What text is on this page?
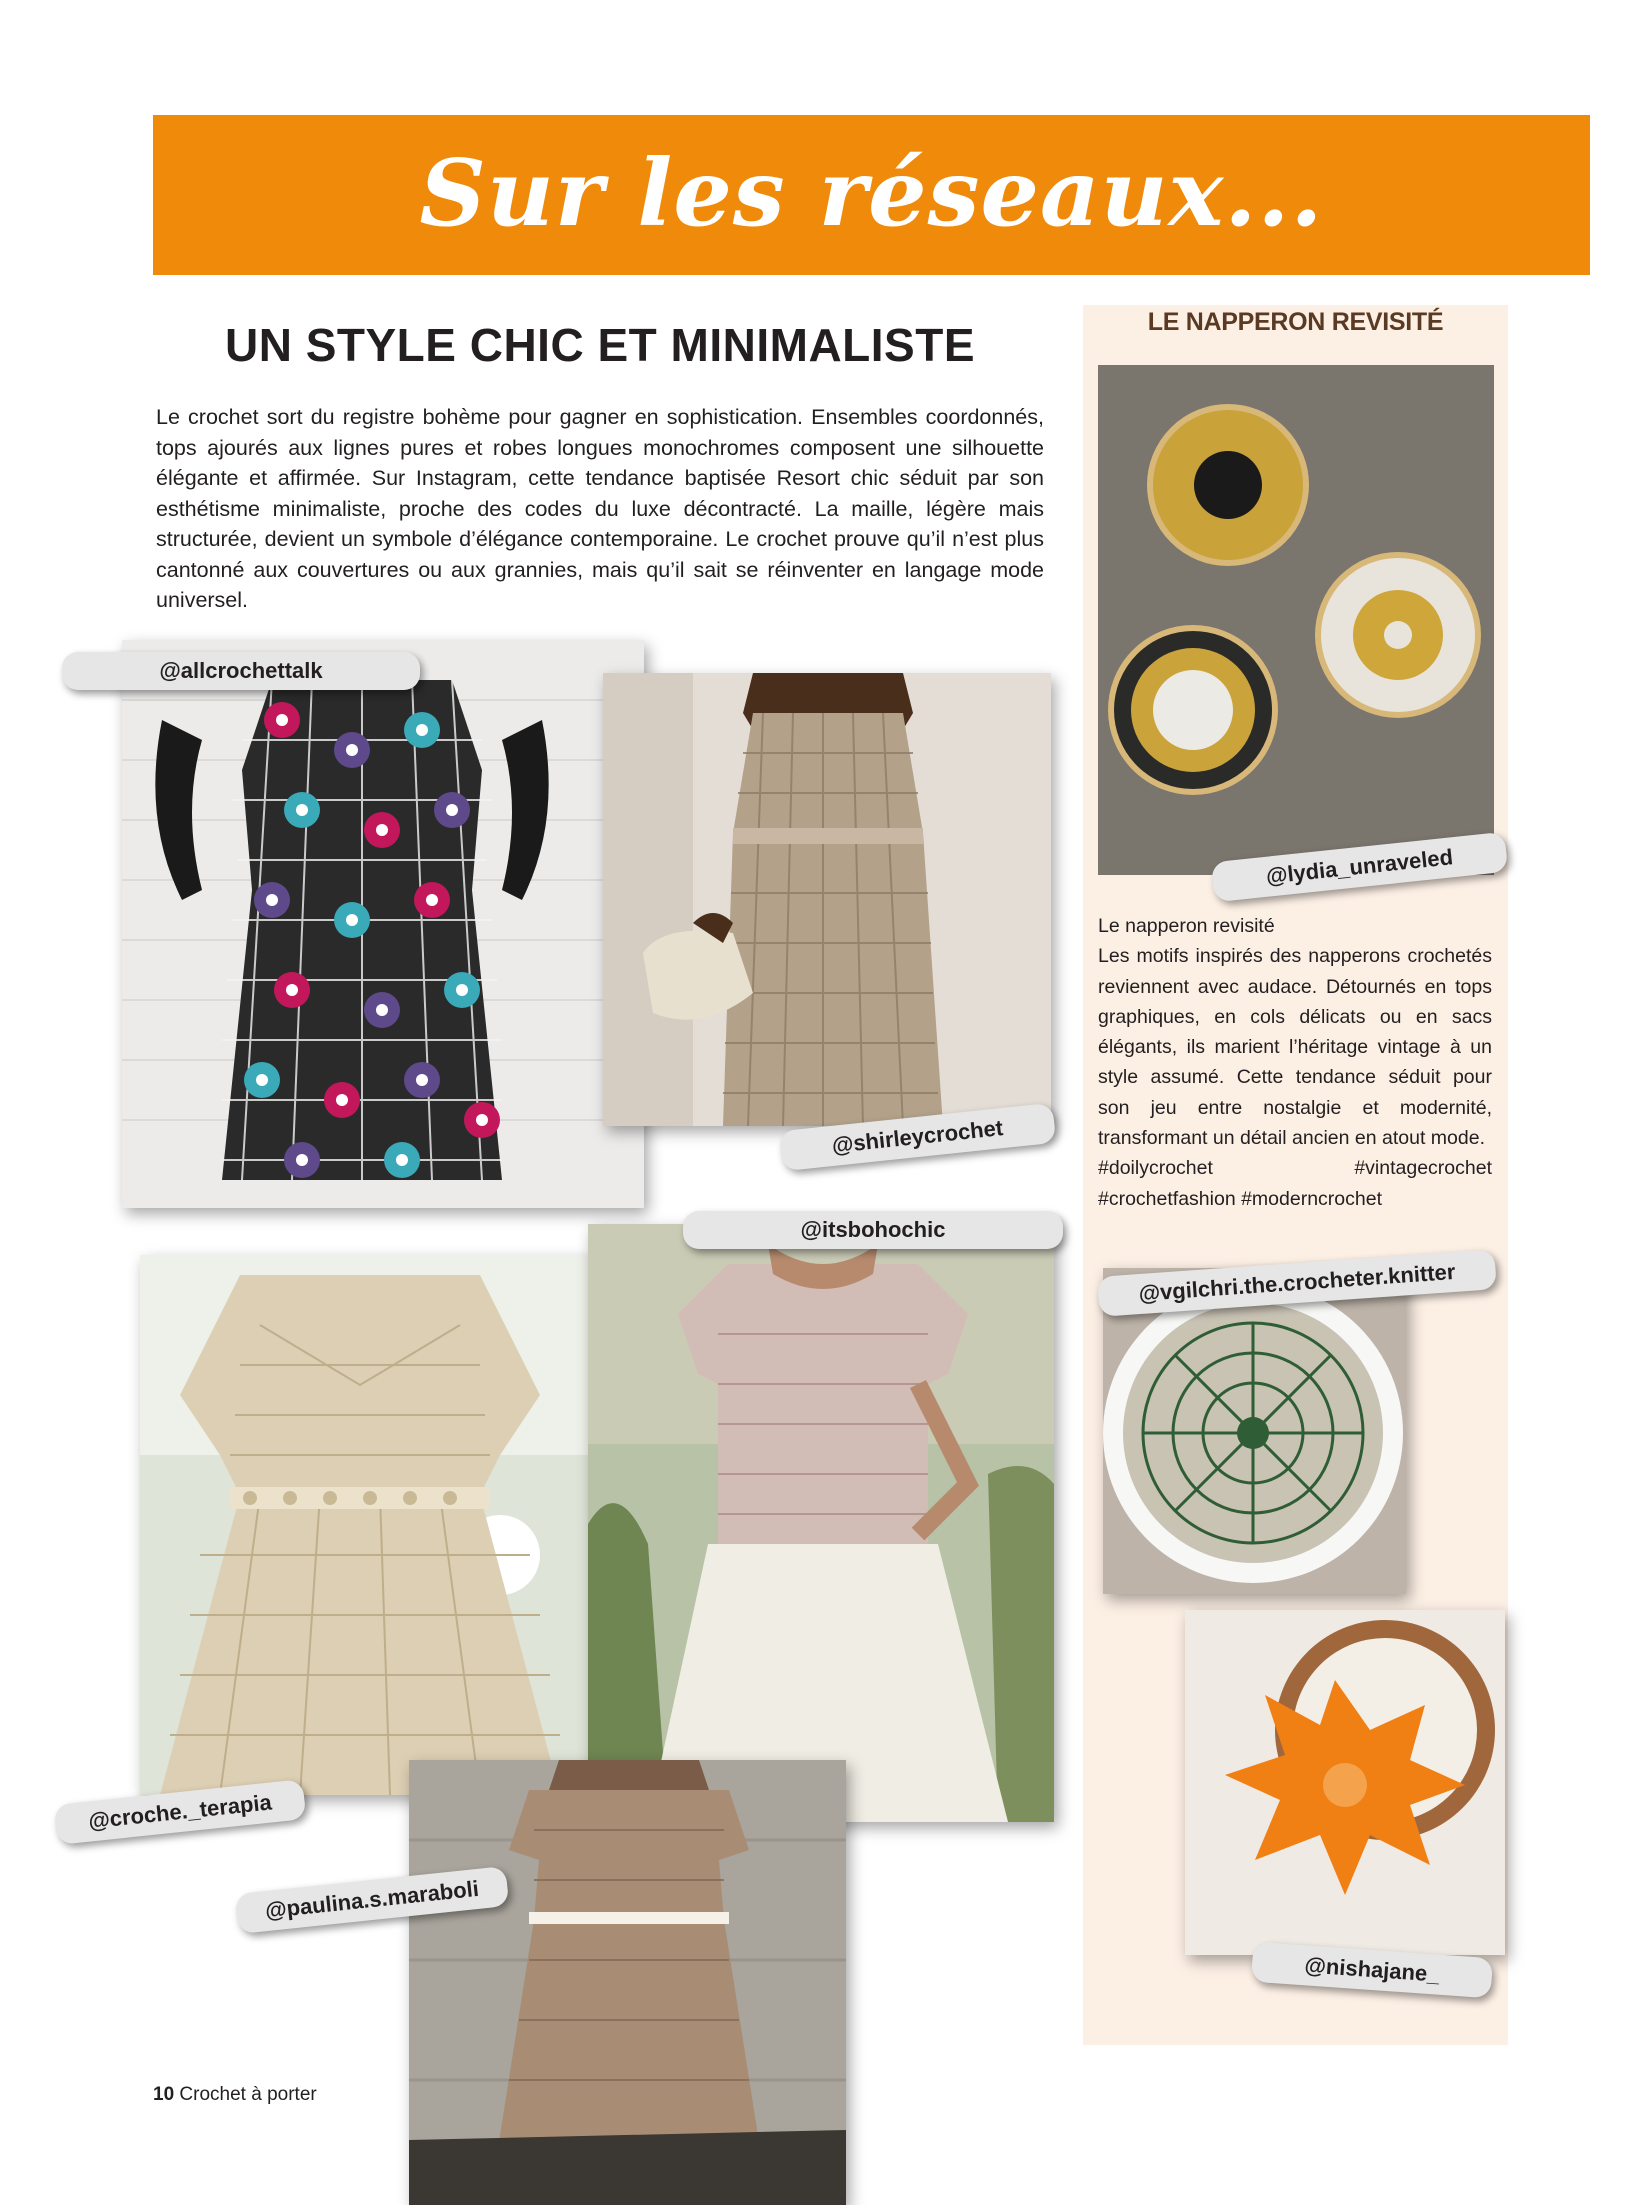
Sur les réseaux...
UN STYLE CHIC ET MINIMALISTE
Le crochet sort du registre bohème pour gagner en sophistication. Ensembles coordonnés, tops ajourés aux lignes pures et robes longues monochromes composent une silhouette élégante et affirmée. Sur Instagram, cette tendance baptisée Resort chic séduit par son esthétisme minimaliste, proche des codes du luxe décontracté. La maille, légère mais structurée, devient un symbole d’élégance contemporaine. Le crochet prouve qu’il n’est plus cantonné aux couvertures ou aux grannies, mais qu’il sait se réinventer en langage mode universel.
LE NAPPERON REVISITÉ

Le napperon revisité

Les motifs inspirés des napperons crochetés reviennent avec audace. Détournés en tops graphiques, en cols délicats ou en sacs élégants, ils marient l’héritage vintage à un style assumé. Cette tendance séduit pour son jeu entre nostalgie et modernité, transformant un détail ancien en atout mode.

#doilycrochet #vintagecrochet #crochetfashion #moderncrochet

@allcrochettalk
@shirleycrochet
@itsbohochic
@croche._terapia
@paulina.s.maraboli
@lydia_unraveled
@vgilchri.the.crocheter.knitter
@nishajane_
10 Crochet à porter
